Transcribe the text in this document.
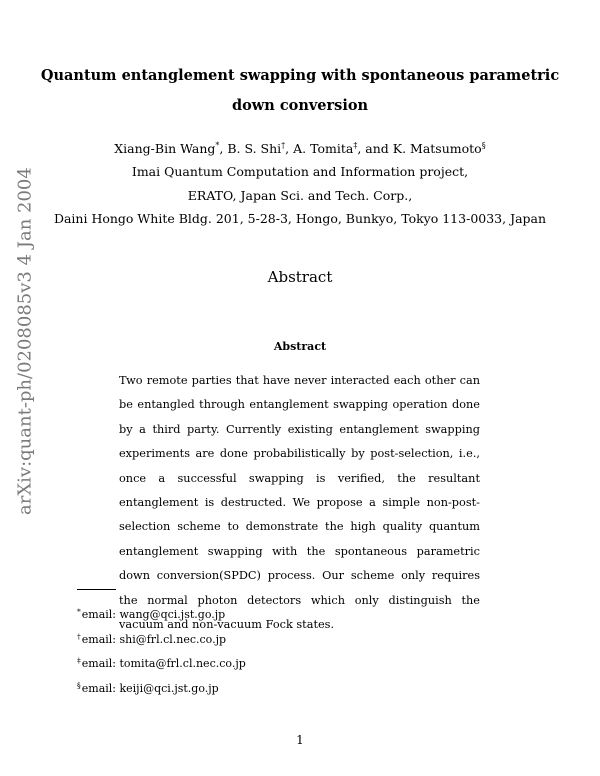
arXiv:quant-ph/0208085v3 4 Jan 2004
Quantum entanglement swapping with spontaneous parametric
down conversion
Xiang-Bin Wang*, B. S. Shi†, A. Tomita‡, and K. Matsumoto§
Imai Quantum Computation and Information project,
ERATO, Japan Sci. and Tech. Corp.,
Daini Hongo White Bldg. 201, 5-28-3, Hongo, Bunkyo, Tokyo 113-0033, Japan
Abstract
Abstract
Two remote parties that have never interacted each other can be entangled through entanglement swapping operation done by a third party. Currently existing entanglement swapping experiments are done probabilistically by post-selection, i.e., once a successful swapping is verified, the resultant entanglement is destructed. We propose a simple non-post-selection scheme to demonstrate the high quality quantum entanglement swapping with the spontaneous parametric down conversion(SPDC) process. Our scheme only requires the normal photon detectors which only distinguish the vacuum and non-vacuum Fock states.
*email: wang@qci.jst.go.jp
†email: shi@frl.cl.nec.co.jp
‡email: tomita@frl.cl.nec.co.jp
§email: keiji@qci.jst.go.jp
1
